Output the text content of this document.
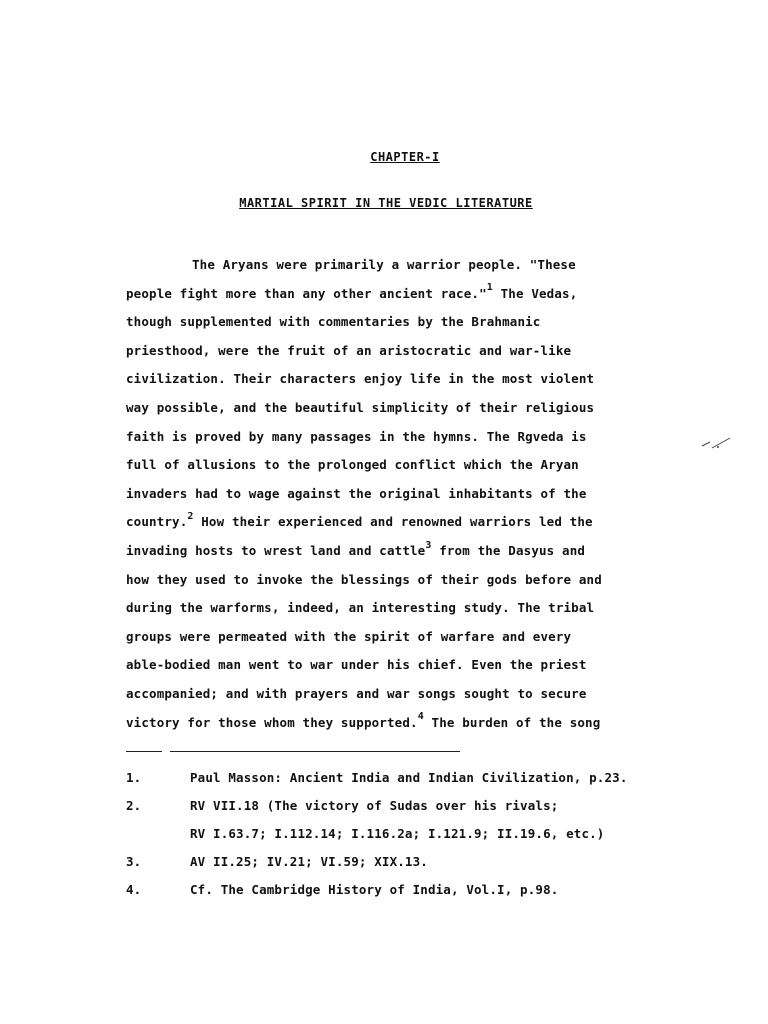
CHAPTER-I
MARTIAL SPIRIT IN THE VEDIC LITERATURE
The Aryans were primarily a warrior people. "These
people fight more than any other ancient race."$^1$ The Vedas,
though supplemented with commentaries by the Brahmanic
priesthood, were the fruit of an aristocratic and war-like
civilization. Their characters enjoy life in the most violent
way possible, and the beautiful simplicity of their religious
faith is proved by many passages in the hymns. The Rgveda is
full of allusions to the prolonged conflict which the Aryan
invaders had to wage against the original inhabitants of the
country.$^2$ How their experienced and renowned warriors led the
invading hosts to wrest land and cattle$^3$ from the Dasyus and
how they used to invoke the blessings of their gods before and
during the warforms, indeed, an interesting study. The tribal
groups were permeated with the spirit of warfare and every
able-bodied man went to war under his chief. Even the priest
accompanied; and with prayers and war songs sought to secure
victory for those whom they supported.$^4$ The burden of the song
1.	Paul Masson: Ancient India and Indian Civilization, p.23.
2.	RV VII.18 (The victory of Sudas over his rivals;
RV I.63.7; I.112.14; I.116.2a; I.121.9; II.19.6, etc.)
3.	AV II.25; IV.21; VI.59; XIX.13.
4.	Cf. The Cambridge History of India, Vol.I, p.98.
